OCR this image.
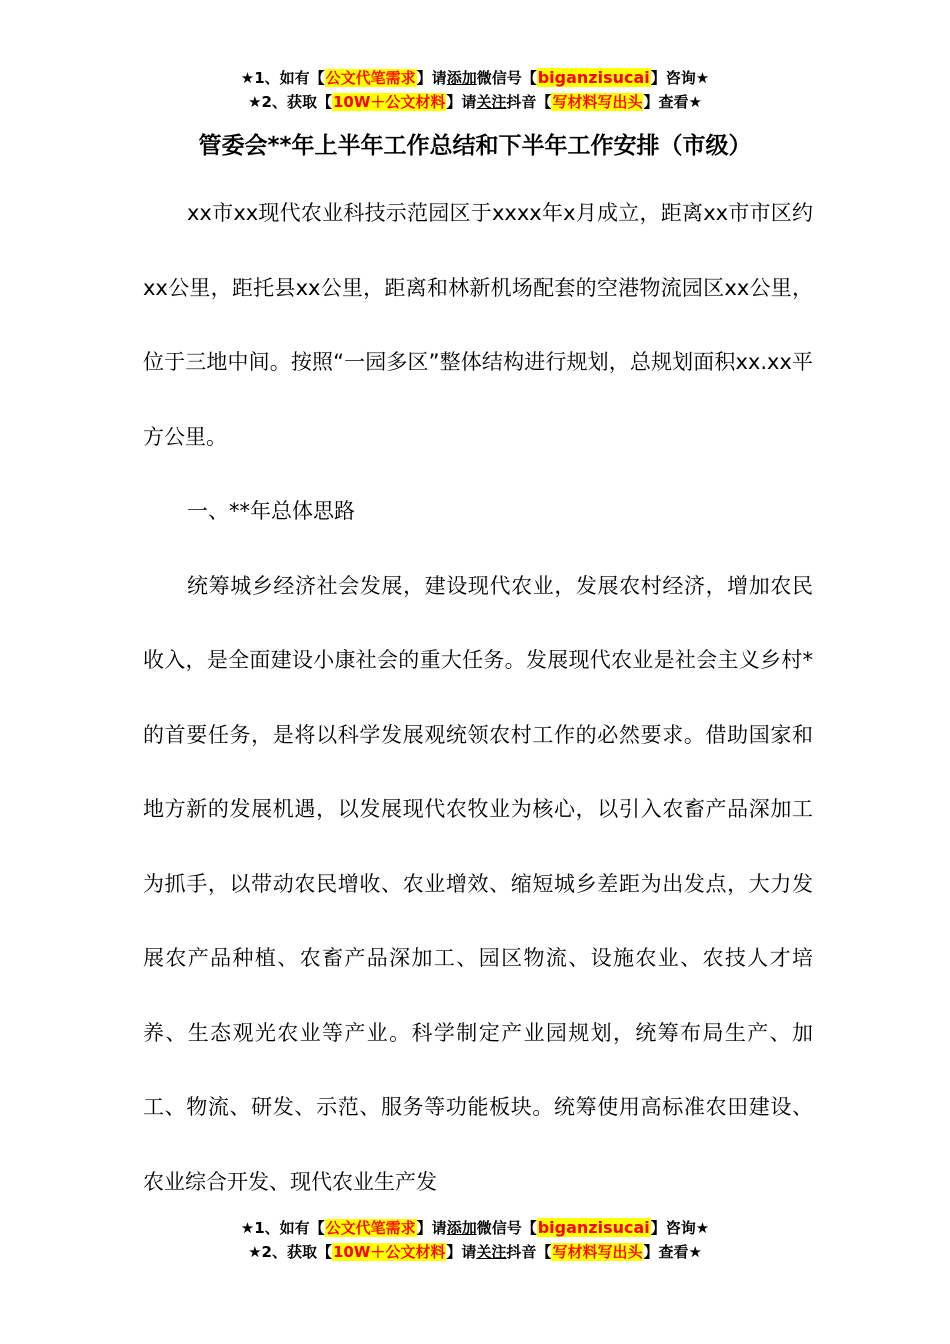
★1、如有【公文代笔需求】请添加微信号【biganzisucai】咨询★
★2、获取【10W＋公文材料】请关注抖音【写材料写出头】查看★
管委会**年上半年工作总结和下半年工作安排（市级）

xx市xx现代农业科技示范园区于xxxx年x月成立，距离xx市市区约xx公里，距托县xx公里，距离和林新机场配套的空港物流园区xx公里，位于三地中间。按照“一园多区”整体结构进行规划，总规划面积xx.xx平方公里。

一、**年总体思路

统筹城乡经济社会发展，建设现代农业，发展农村经济，增加农民收入，是全面建设小康社会的重大任务。发展现代农业是社会主义乡村*的首要任务，是将以科学发展观统领农村工作的必然要求。借助国家和地方新的发展机遇，以发展现代农牧业为核心，以引入农畜产品深加工为抓手，以带动农民增收、农业增效、缩短城乡差距为出发点，大力发展农产品种植、农畜产品深加工、园区物流、设施农业、农技人才培养、生态观光农业等产业。科学制定产业园规划，统筹布局生产、加工、物流、研发、示范、服务等功能板块。统筹使用高标准农田建设、农业综合开发、现代农业生产发

★1、如有【公文代笔需求】请添加微信号【biganzisucai】咨询★
★2、获取【10W＋公文材料】请关注抖音【写材料写出头】查看★
